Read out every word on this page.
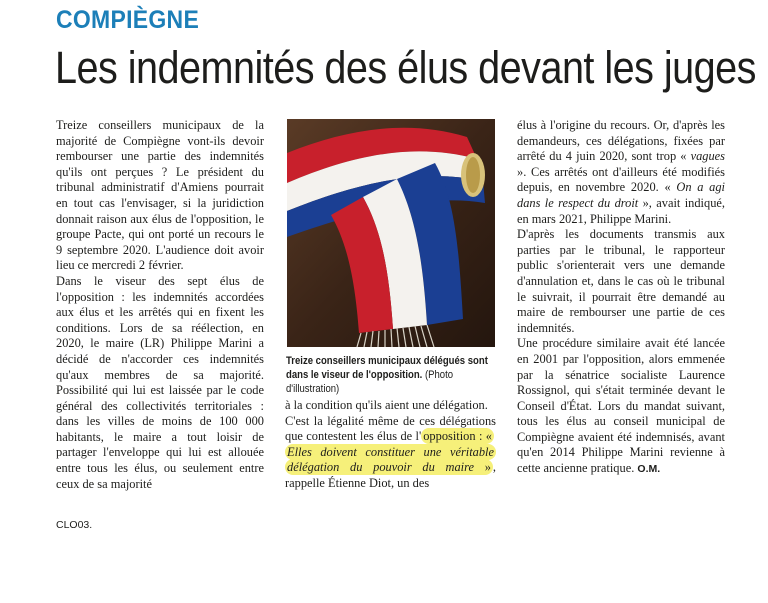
COMPIÈGNE
Les indemnités des élus devant les juges

Treize conseillers municipaux de la majorité de Compiègne vont-ils devoir rembourser une partie des indemnités qu'ils ont perçues ? Le président du tribunal administratif d'Amiens pourrait en tout cas l'envisager, si la juridiction donnait raison aux élus de l'opposition, le groupe Pacte, qui ont porté un recours le 9 septembre 2020. L'audience doit avoir lieu ce mercredi 2 février.

Dans le viseur des sept élus de l'opposition : les indemnités accordées aux élus et les arrêtés qui en fixent les conditions. Lors de sa réélection, en 2020, le maire (LR) Philippe Marini a décidé de n'accorder ces indemnités qu'aux membres de sa majorité. Possibilité qui lui est laissée par le code général des collectivités territoriales : dans les villes de moins de 100 000 habitants, le maire a tout loisir de partager l'enveloppe qui lui est allouée entre tous les élus, ou seulement entre ceux de sa majorité

Treize conseillers municipaux délégués sont dans le viseur de l'opposition. (Photo d'illustration)

à la condition qu'ils aient une délégation.

C'est la légalité même de ces délégations que contestent les élus de l' opposition : « Elles doivent constituer une véritable délégation du pouvoir du maire » , rappelle Étienne Diot, un des

élus à l'origine du recours. Or, d'après les demandeurs, ces délégations, fixées par arrêté du 4 juin 2020, sont trop « vagues ». Ces arrêtés ont d'ailleurs été modifiés depuis, en novembre 2020. « On a agi dans le respect du droit », avait indiqué, en mars 2021, Philippe Marini.

D'après les documents transmis aux parties par le tribunal, le rapporteur public s'orienterait vers une demande d'annulation et, dans le cas où le tribunal le suivrait, il pourrait être demandé au maire de rembourser une partie de ces indemnités.

Une procédure similaire avait été lancée en 2001 par l'opposition, alors emmenée par la sénatrice socialiste Laurence Rossignol, qui s'était terminée devant le Conseil d'État. Lors du mandat suivant, tous les élus au conseil municipal de Compiègne avaient été indemnisés, avant qu'en 2014 Philippe Marini revienne à cette ancienne pratique. O.M.

CLO03.
